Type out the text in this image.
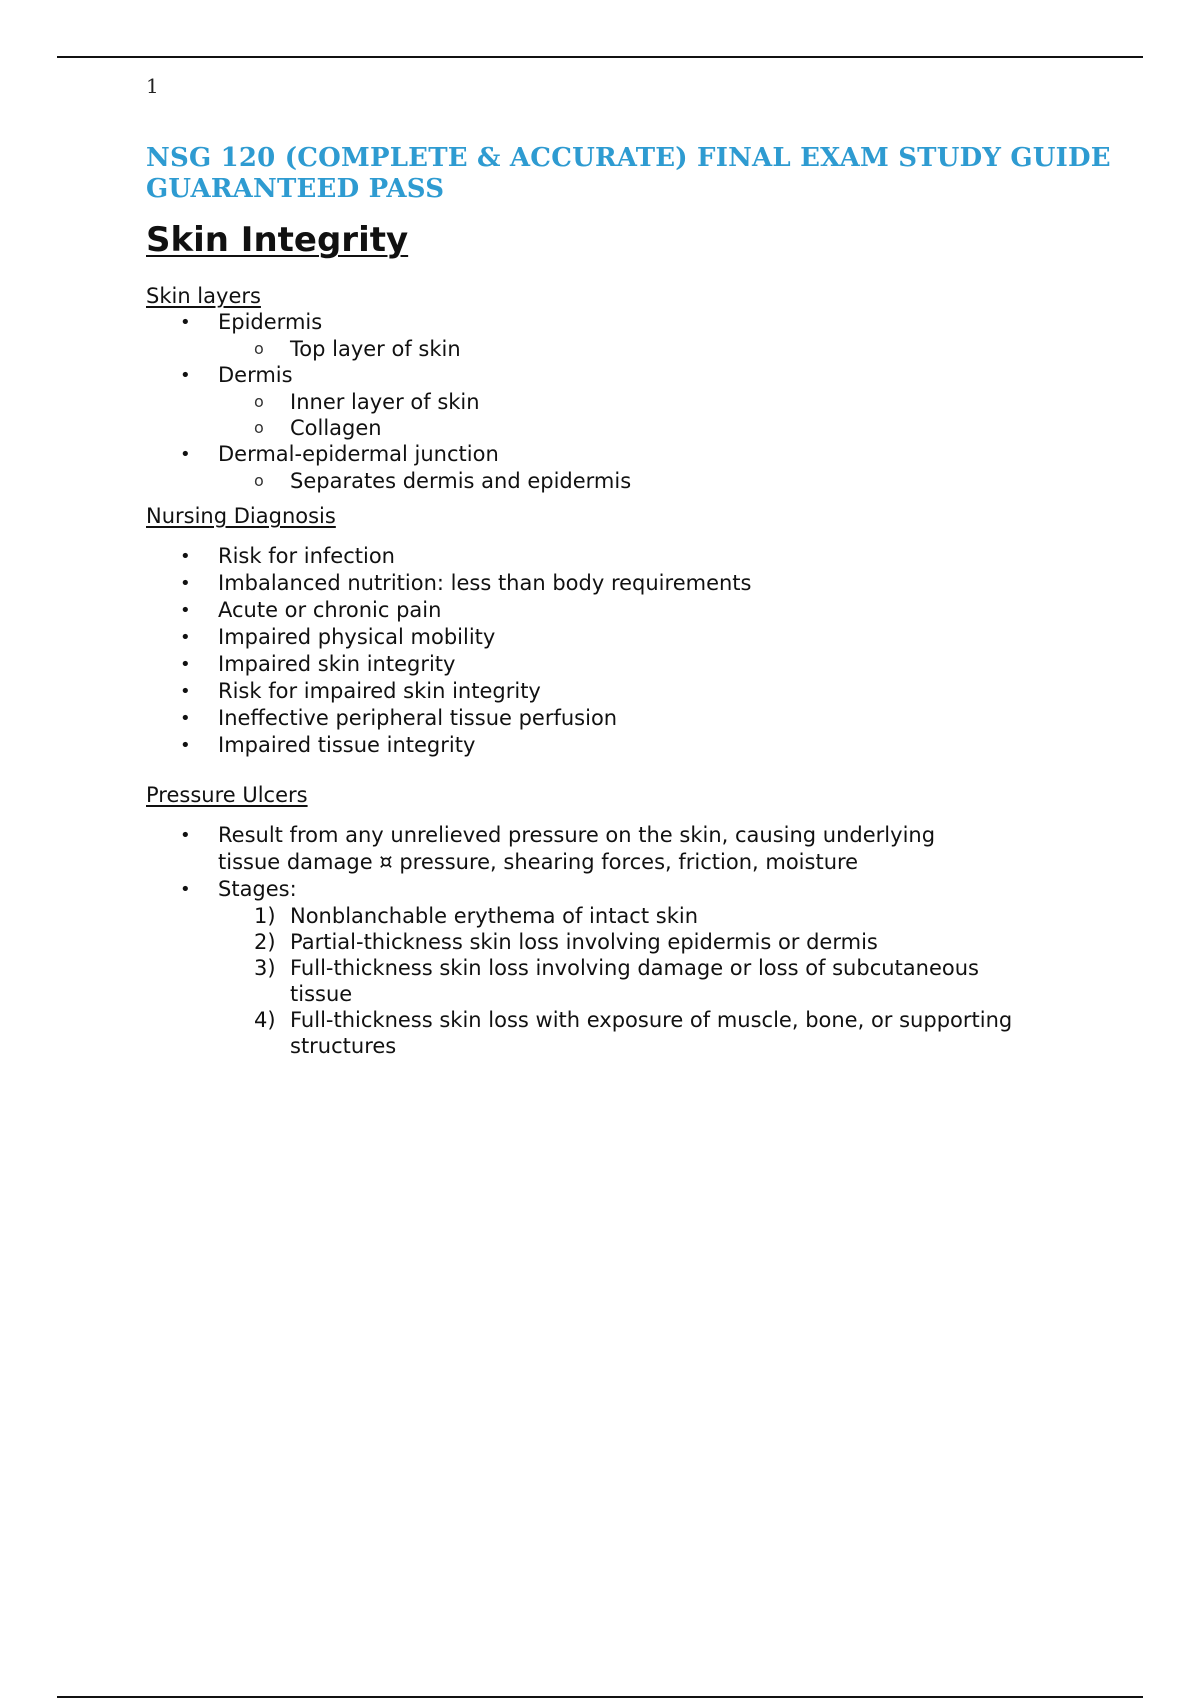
1
NSG 120 (COMPLETE & ACCURATE) FINAL EXAM STUDY GUIDE GUARANTEED PASS
Skin Integrity

Skin layers

• Epidermis
o Top layer of skin
• Dermis
o Inner layer of skin
o Collagen
• Dermal-epidermal junction
o Separates dermis and epidermis

Nursing Diagnosis

• Risk for infection
• Imbalanced nutrition: less than body requirements
• Acute or chronic pain
• Impaired physical mobility
• Impaired skin integrity
• Risk for impaired skin integrity
• Ineffective peripheral tissue perfusion
• Impaired tissue integrity

Pressure Ulcers

• Result from any unrelieved pressure on the skin, causing underlying tissue damage ¤ pressure, shearing forces, friction, moisture
• Stages:
1) Nonblanchable erythema of intact skin
2) Partial-thickness skin loss involving epidermis or dermis
3) Full-thickness skin loss involving damage or loss of subcutaneous tissue
4) Full-thickness skin loss with exposure of muscle, bone, or supporting structures
